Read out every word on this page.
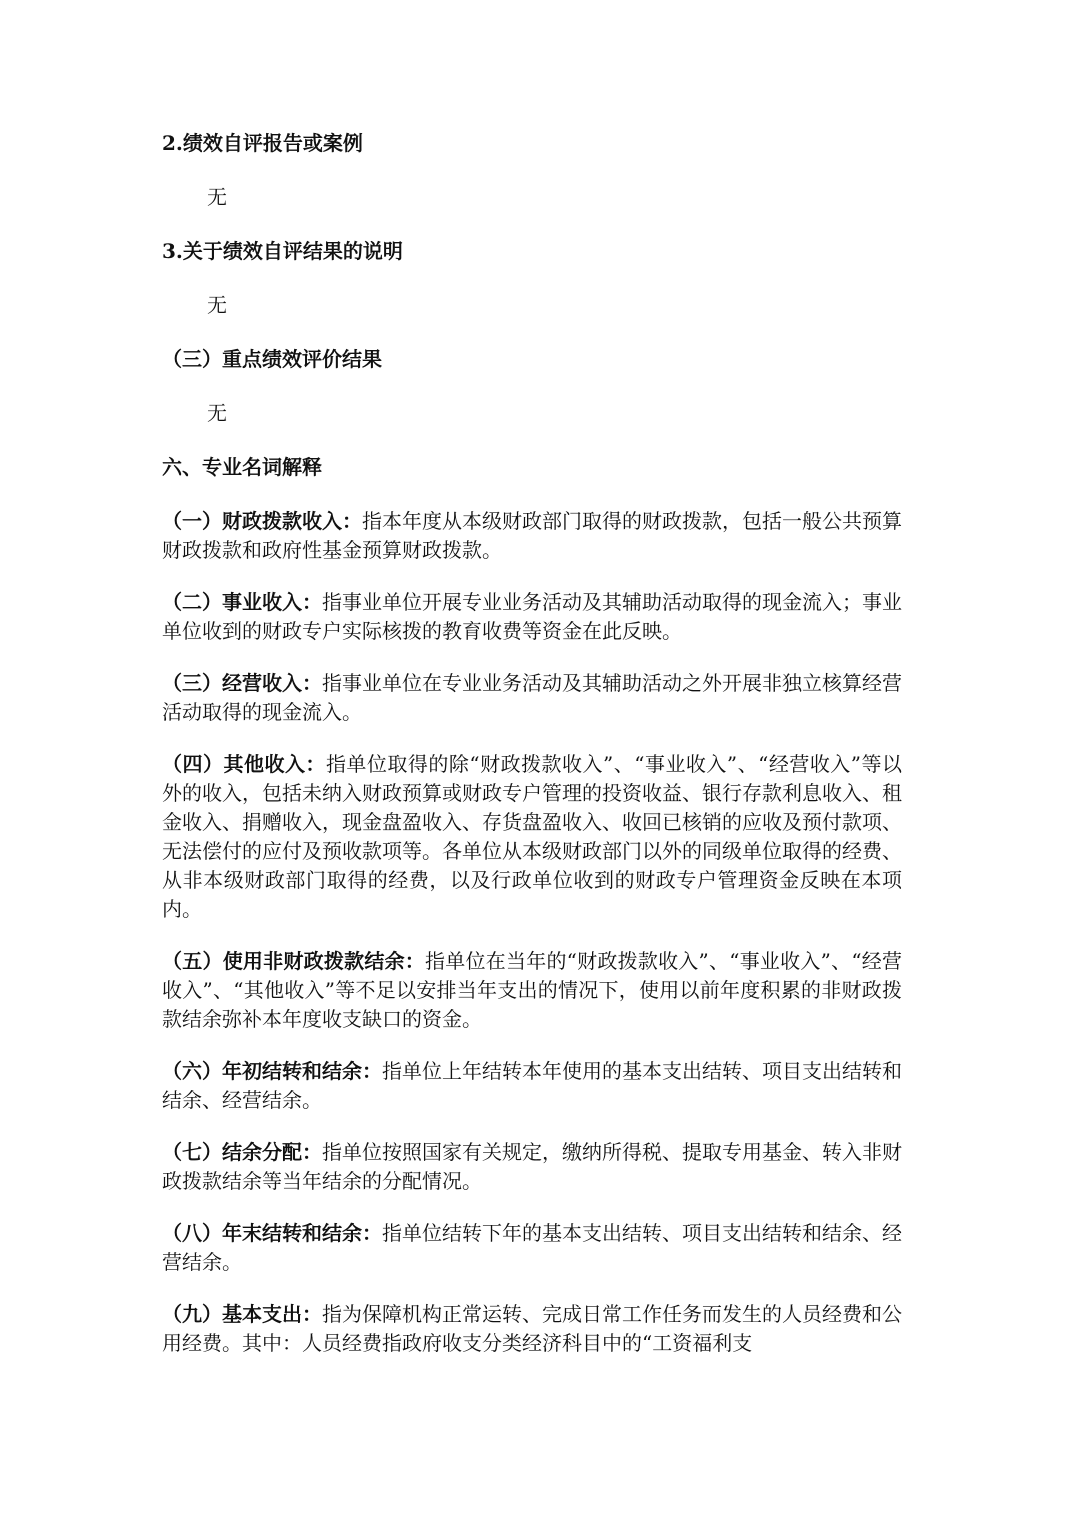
2.绩效自评报告或案例

无

3.关于绩效自评结果的说明

无

（三）重点绩效评价结果

无

六、专业名词解释

（一）财政拨款收入：指本年度从本级财政部门取得的财政拨款，包括一般公共预算财政拨款和政府性基金预算财政拨款。

（二）事业收入：指事业单位开展专业业务活动及其辅助活动取得的现金流入；事业单位收到的财政专户实际核拨的教育收费等资金在此反映。

（三）经营收入：指事业单位在专业业务活动及其辅助活动之外开展非独立核算经营活动取得的现金流入。

（四）其他收入：指单位取得的除“财政拨款收入”、“事业收入”、“经营收入”等以外的收入，包括未纳入财政预算或财政专户管理的投资收益、银行存款利息收入、租金收入、捐赠收入，现金盘盈收入、存货盘盈收入、收回已核销的应收及预付款项、无法偿付的应付及预收款项等。各单位从本级财政部门以外的同级单位取得的经费、从非本级财政部门取得的经费，以及行政单位收到的财政专户管理资金反映在本项内。

（五）使用非财政拨款结余：指单位在当年的“财政拨款收入”、“事业收入”、“经营收入”、“其他收入”等不足以安排当年支出的情况下，使用以前年度积累的非财政拨款结余弥补本年度收支缺口的资金。

（六）年初结转和结余：指单位上年结转本年使用的基本支出结转、项目支出结转和结余、经营结余。

（七）结余分配：指单位按照国家有关规定，缴纳所得税、提取专用基金、转入非财政拨款结余等当年结余的分配情况。

（八）年末结转和结余：指单位结转下年的基本支出结转、项目支出结转和结余、经营结余。

（九）基本支出：指为保障机构正常运转、完成日常工作任务而发生的人员经费和公用经费。其中：人员经费指政府收支分类经济科目中的“工资福利支
